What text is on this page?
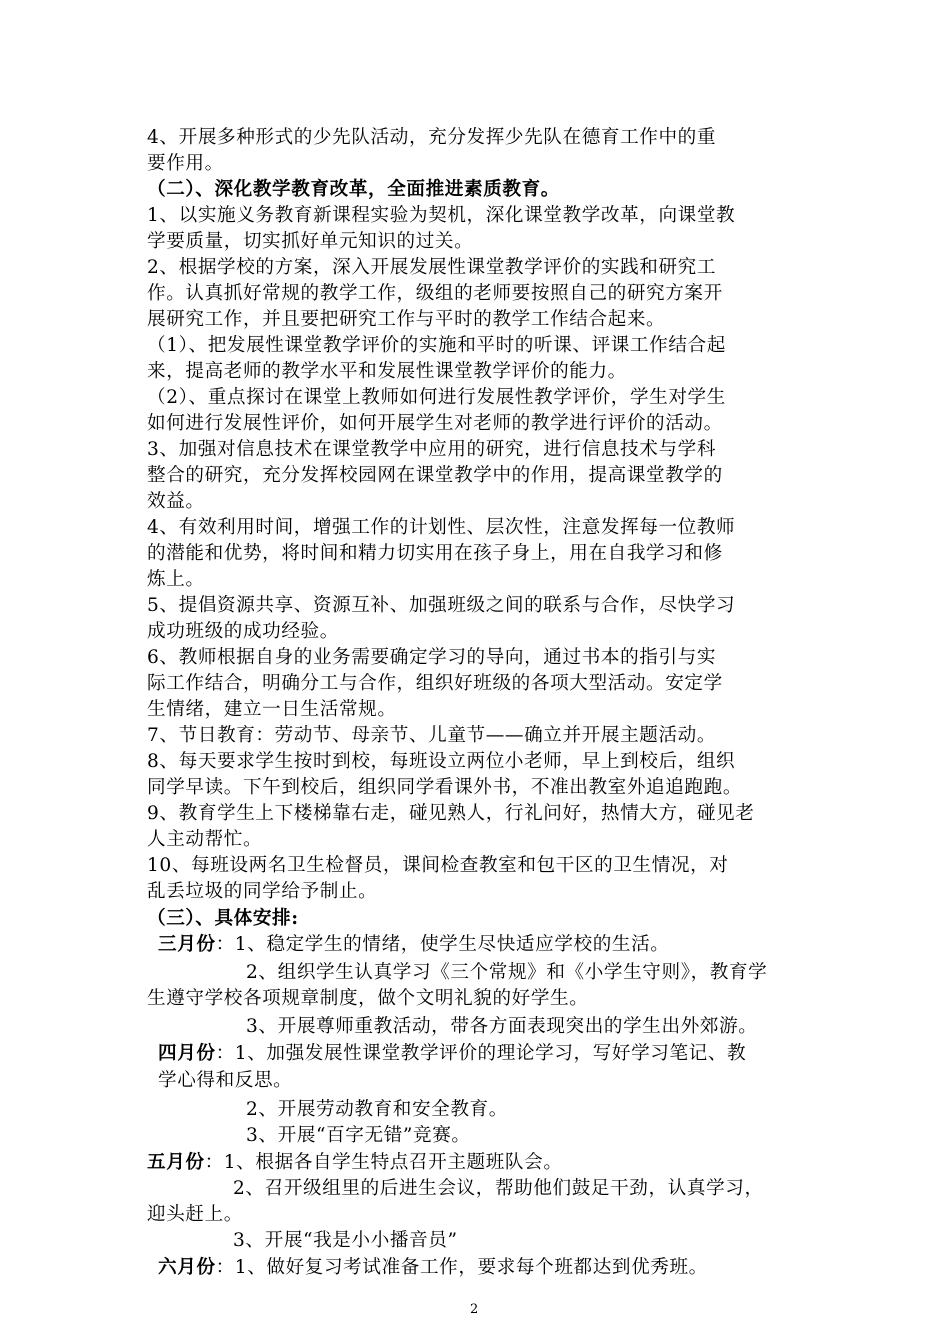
4、开展多种形式的少先队活动，充分发挥少先队在德育工作中的重
要作用。
（二）、深化教学教育改革，全面推进素质教育。
1、以实施义务教育新课程实验为契机，深化课堂教学改革，向课堂教
学要质量，切实抓好单元知识的过关。
2、根据学校的方案，深入开展发展性课堂教学评价的实践和研究工
作。认真抓好常规的教学工作，级组的老师要按照自己的研究方案开
展研究工作，并且要把研究工作与平时的教学工作结合起来。
（1）、把发展性课堂教学评价的实施和平时的听课、评课工作结合起
来，提高老师的教学水平和发展性课堂教学评价的能力。
（2）、重点探讨在课堂上教师如何进行发展性教学评价，学生对学生
如何进行发展性评价，如何开展学生对老师的教学进行评价的活动。
3、加强对信息技术在课堂教学中应用的研究，进行信息技术与学科
整合的研究，充分发挥校园网在课堂教学中的作用，提高课堂教学的
效益。
4、有效利用时间，增强工作的计划性、层次性，注意发挥每一位教师
的潜能和优势，将时间和精力切实用在孩子身上，用在自我学习和修
炼上。
5、提倡资源共享、资源互补、加强班级之间的联系与合作，尽快学习
成功班级的成功经验。
6、教师根据自身的业务需要确定学习的导向，通过书本的指引与实
际工作结合，明确分工与合作，组织好班级的各项大型活动。安定学
生情绪，建立一日生活常规。
7、节日教育：劳动节、母亲节、儿童节——确立并开展主题活动。
8、每天要求学生按时到校，每班设立两位小老师，早上到校后，组织
同学早读。下午到校后，组织同学看课外书，不准出教室外追追跑跑。
9、教育学生上下楼梯靠右走，碰见熟人，行礼问好，热情大方，碰见老
人主动帮忙。
10、每班设两名卫生检督员，课间检查教室和包干区的卫生情况，对
乱丢垃圾的同学给予制止。
（三）、具体安排:
三月份：1、稳定学生的情绪，使学生尽快适应学校的生活。
2、组织学生认真学习《三个常规》和《小学生守则》，教育学
生遵守学校各项规章制度，做个文明礼貌的好学生。
3、开展尊师重教活动，带各方面表现突出的学生出外郊游。
四月份：1、加强发展性课堂教学评价的理论学习，写好学习笔记、教
学心得和反思。
2、开展劳动教育和安全教育。
3、开展“百字无错”竞赛。
五月份：1、根据各自学生特点召开主题班队会。
2、召开级组里的后进生会议，帮助他们鼓足干劲，认真学习，
迎头赶上。
3、开展“我是小小播音员”
六月份：1、做好复习考试准备工作，要求每个班都达到优秀班。
2
